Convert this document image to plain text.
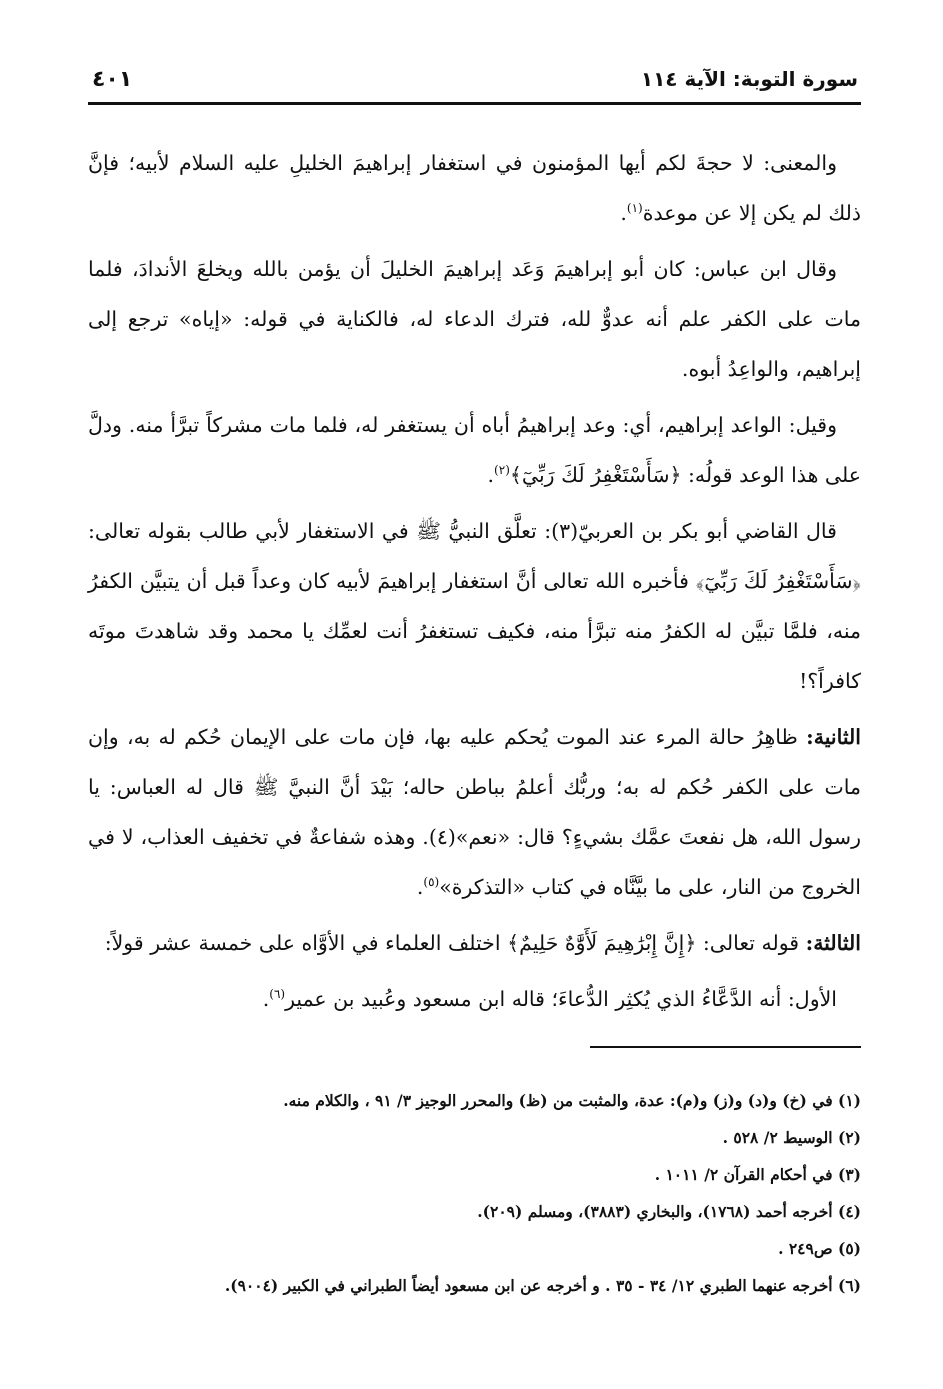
سورة التوبة: الآية ١١٤
٤٠١

والمعنى: لا حجةَ لكم أيها المؤمنون في استغفار إبراهيمَ الخليلِ عليه السلام لأبيه؛ فإنَّ ذلك لم يكن إلا عن موعدة$^{(١)}$.

وقال ابن عباس: كان أبو إبراهيمَ وَعَد إبراهيمَ الخليلَ أن يؤمن بالله ويخلعَ الأندادَ، فلما مات على الكفر علم أنه عدوٌّ لله، فترك الدعاء له، فالكناية في قوله: «إياه» ترجع إلى إبراهيم، والواعِدُ أبوه.

وقيل: الواعد إبراهيم، أي: وعد إبراهيمُ أباه أن يستغفر له، فلما مات مشركاً تبرَّأ منه. ودلَّ على هذا الوعد قولُه: ﴿سَأَسْتَغْفِرُ لَكَ رَبِّيٓ﴾$^{(٢)}$.

قال القاضي أبو بكر بن العربيّ(٣): تعلَّق النبيُّ ﷺ في الاستغفار لأبي طالب بقوله تعالى: ﴿سَأَسْتَغْفِرُ لَكَ رَبِّيٓ﴾ فأخبره الله تعالى أنَّ استغفار إبراهيمَ لأبيه كان وعداً قبل أن يتبيَّن الكفرُ منه، فلمَّا تبيَّن له الكفرُ منه تبرَّأ منه، فكيف تستغفرُ أنت لعمِّك يا محمد وقد شاهدتَ موتَه كافراً؟!

الثانية: ظاهِرُ حالة المرء عند الموت يُحكم عليه بها، فإن مات على الإيمان حُكم له به، وإن مات على الكفر حُكم له به؛ وربُّك أعلمُ بباطن حاله؛ بَيْدَ أنَّ النبيَّ ﷺ قال له العباس: يا رسول الله، هل نفعتَ عمَّك بشيءٍ؟ قال: «نعم»(٤). وهذه شفاعةٌ في تخفيف العذاب، لا في الخروج من النار، على ما بيَّنَّاه في كتاب «التذكرة»$^{(٥)}$.

الثالثة: قوله تعالى: ﴿إِنَّ إِبْرَٰهِيمَ لَأَوَّٰهٌ حَلِيمٌ﴾ اختلف العلماء في الأوَّاه على خمسة عشر قولاً:

الأول: أنه الدَّعَّاءُ الذي يُكثِر الدُّعاءَ؛ قاله ابن مسعود وعُبيد بن عمير$^{(٦)}$.

(١) في (خ) و(د) و(ز) و(م): عدة، والمثبت من (ظ) والمحرر الوجيز ٣/ ٩١ ، والكلام منه.

(٢) الوسيط ٢/ ٥٢٨ .

(٣) في أحكام القرآن ٢/ ١٠١١ .

(٤) أخرجه أحمد (١٧٦٨)، والبخاري (٣٨٨٣)، ومسلم (٢٠٩).

(٥) ص٢٤٩ .

(٦) أخرجه عنهما الطبري ١٢/ ٣٤ - ٣٥ . و أخرجه عن ابن مسعود أيضاً الطبراني في الكبير (٩٠٠٤).
